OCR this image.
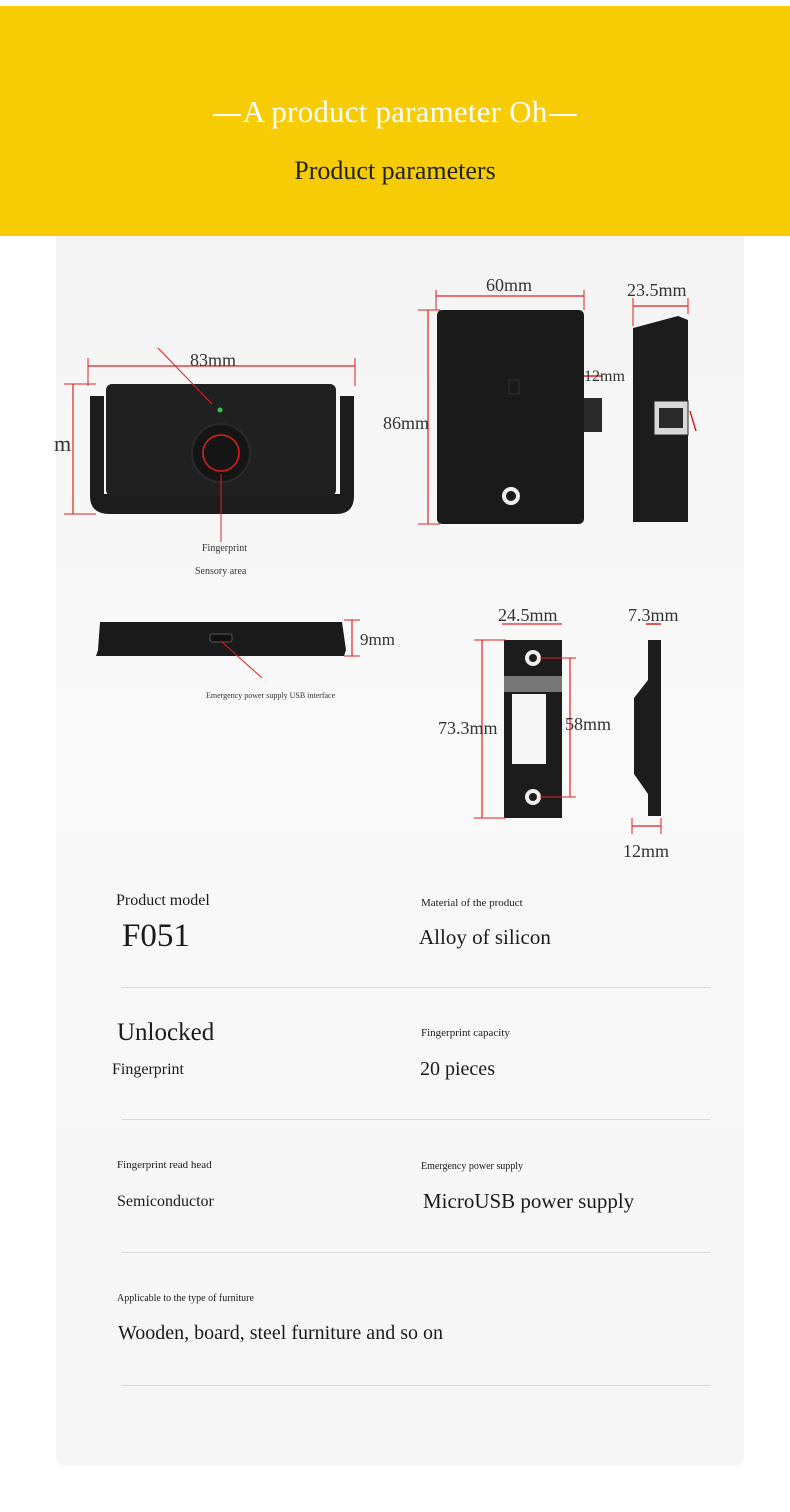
A product parameter Oh
Product parameters
83mm
m
Fingerprint
Sensory area
60mm
86mm
12mm
23.5mm
9mm
Emergency power supply USB interface
24.5mm
73.3mm	58mm
7.3mm
12mm
Product model
F051
Material of the product
Alloy of silicon
Unlocked
Fingerprint
Fingerprint capacity
20 pieces
Fingerprint read head
Semiconductor
Emergency power supply
MicroUSB power supply
Applicable to the type of furniture
Wooden, board, steel furniture and so on
